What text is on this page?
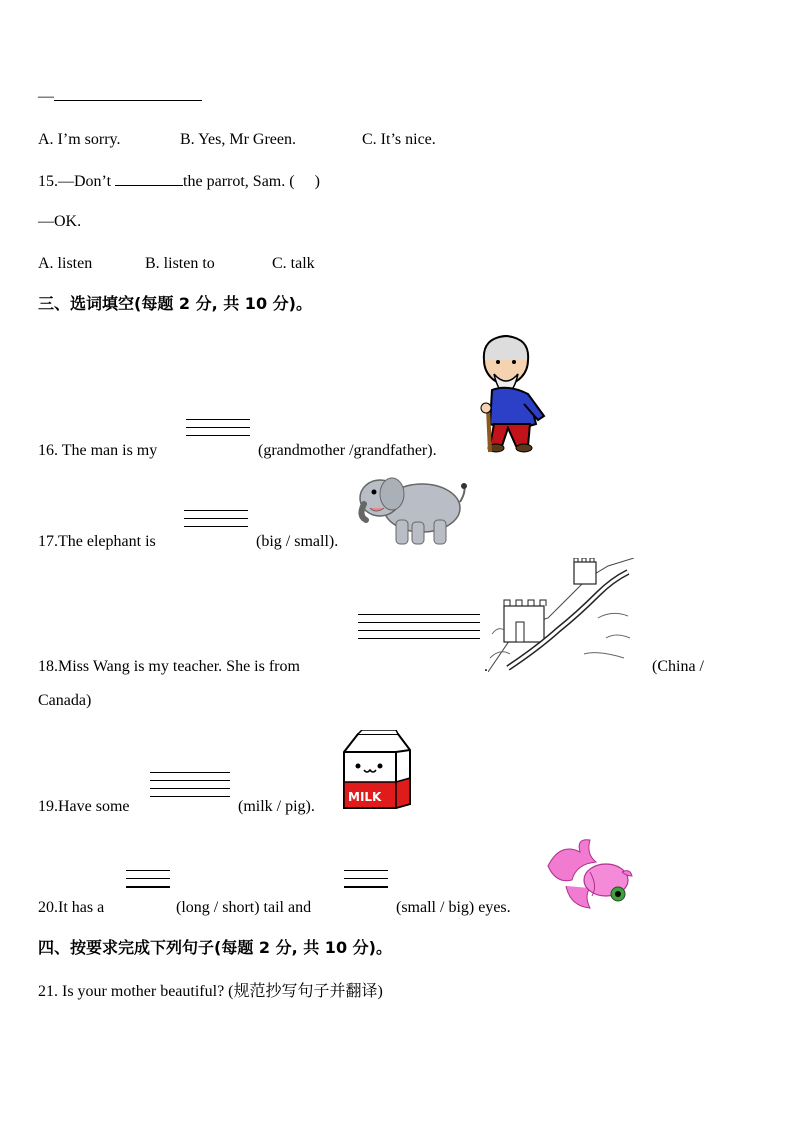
—
A. I’m sorry.	B. Yes, Mr Green.	C. It’s nice.
15.—Don’t	the parrot, Sam. ( )
—OK.
A. listen	B. listen to	C. talk
三、选词填空(每题 2 分, 共 10 分)。
16. The man is my	(grandmother /grandfather).
17.The elephant is	(big / small).
18.Miss Wang is my teacher. She is from	.	(China /
Canada)
19.Have some	(milk / pig).
MILK
20.It has a	(long / short) tail and	(small / big) eyes.
四、按要求完成下列句子(每题 2 分, 共 10 分)。
21. Is your mother beautiful? (规范抄写句子并翻译)
